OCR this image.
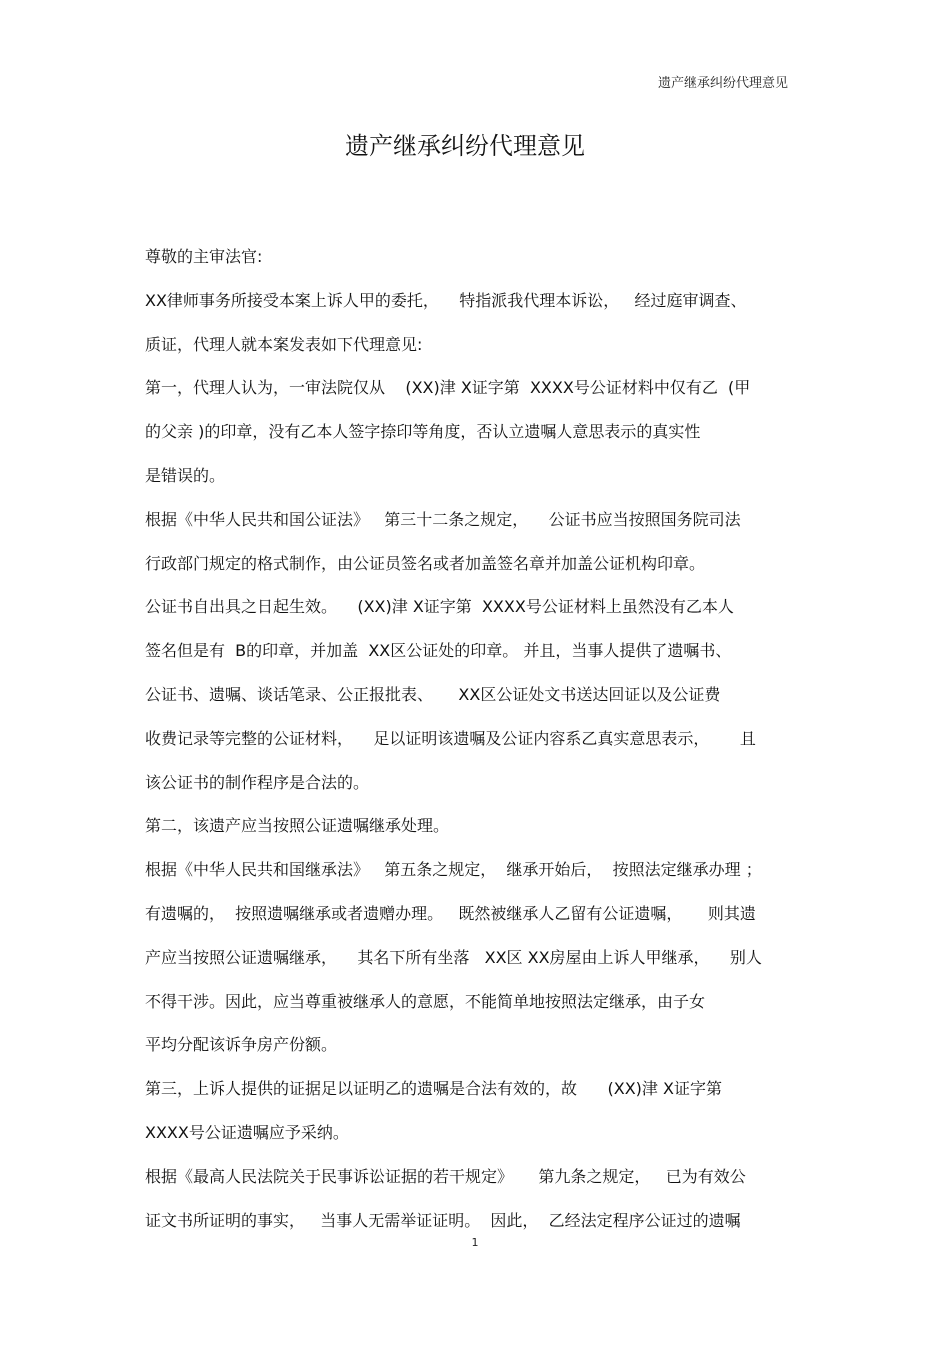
遗产继承纠纷代理意见
遗产继承纠纷代理意见
尊敬的主审法官:
XX律师事务所接受本案上诉人甲的委托，    特指派我代理本诉讼，   经过庭审调查、
质证，代理人就本案发表如下代理意见:
第一，代理人认为，一审法院仅从    (XX)津 X证字第  XXXX号公证材料中仅有乙  (甲
的父亲 )的印章，没有乙本人签字捺印等角度，否认立遗嘱人意思表示的真实性
是错误的。
根据《中华人民共和国公证法》   第三十二条之规定，    公证书应当按照国务院司法
行政部门规定的格式制作，由公证员签名或者加盖签名章并加盖公证机构印章。
公证书自出具之日起生效。    (XX)津 X证字第  XXXX号公证材料上虽然没有乙本人
签名但是有  B的印章，并加盖  XX区公证处的印章。 并且，当事人提供了遗嘱书、
公证书、遗嘱、谈话笔录、公正报批表、     XX区公证处文书送达回证以及公证费
收费记录等完整的公证材料，    足以证明该遗嘱及公证内容系乙真实意思表示，      且
该公证书的制作程序是合法的。
第二，该遗产应当按照公证遗嘱继承处理。
根据《中华人民共和国继承法》   第五条之规定，  继承开始后，  按照法定继承办理 ；
有遗嘱的，  按照遗嘱继承或者遗赠办理。   既然被继承人乙留有公证遗嘱，     则其遗
产应当按照公证遗嘱继承，    其名下所有坐落   XX区 XX房屋由上诉人甲继承，    别人
不得干涉。因此，应当尊重被继承人的意愿，不能简单地按照法定继承，由子女
平均分配该诉争房产份额。
第三，上诉人提供的证据足以证明乙的遗嘱是合法有效的，故      (XX)津 X证字第
XXXX号公证遗嘱应予采纳。
根据《最高人民法院关于民事诉讼证据的若干规定》     第九条之规定，   已为有效公
证文书所证明的事实，   当事人无需举证证明。  因此，  乙经法定程序公证过的遗嘱
1
